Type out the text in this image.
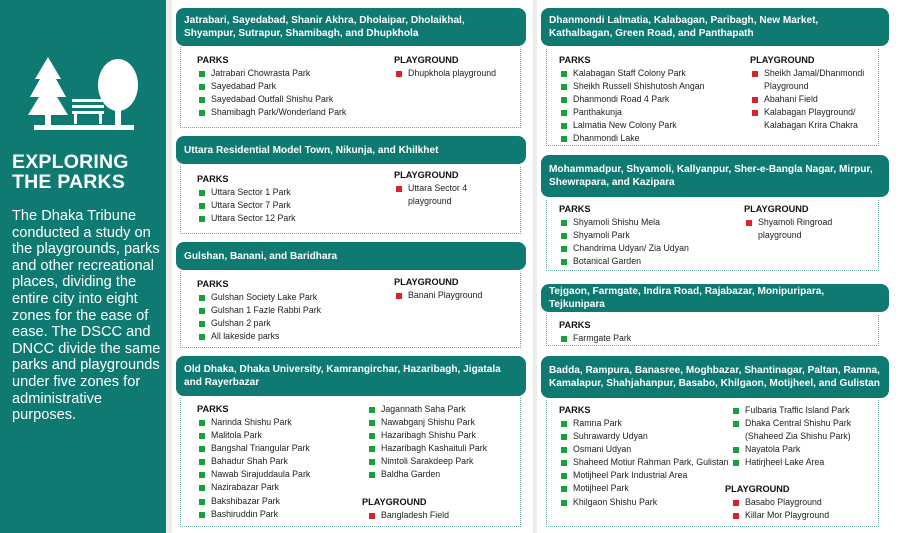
EXPLORING THE PARKS
The Dhaka Tribune conducted a study on the playgrounds, parks and other recreational places, dividing the entire city into eight zones for the ease of ease. The DSCC and DNCC divide the same parks and playgrounds under five zones for administrative purposes.
Jatrabari, Sayedabad, Shanir Akhra, Dholaipar, Dholaikhal, Shyampur, Sutrapur, Shamibagh, and Dhupkhola
PARKS
Jatrabari Chowrasta Park
Sayedabad Park
Sayedabad Outfall Shishu Park
Shamibagh Park/Wonderland Park
PLAYGROUND
Dhupkhola playground
Uttara Residential Model Town, Nikunja, and Khilkhet
PARKS
Uttara Sector 1 Park
Uttara Sector 7 Park
Uttara Sector 12 Park
PLAYGROUND
Uttara Sector 4 playground
Gulshan, Banani, and Baridhara
PARKS
Gulshan Society Lake Park
Gulshan 1 Fazle Rabbi Park
Gulshan 2 park
All lakeside parks
PLAYGROUND
Banani Playground
Old Dhaka, Dhaka University, Kamrangirchar, Hazaribagh, Jigatala and Rayerbazar
PARKS
Narinda Shishu Park
Malitola Park
Bangshal Triangular Park
Bahadur Shah Park
Nawab Sirajuddaula Park
Nazirabazar Park
Bakshibazar Park
Bashiruddin Park
Jagannath Saha Park
Nawabganj Shishu Park
Hazaribagh Shishu Park
Hazaribagh Kashaituli Park
Nimtoli Sarakdeep Park
Baldha Garden
PLAYGROUND
Bangladesh Field
Dhanmondi Lalmatia, Kalabagan, Paribagh, New Market, Kathalbagan, Green Road, and Panthapath
PARKS
Kalabagan Staff Colony Park
Sheikh Russell Shishutosh Angan
Dhanmondi Road 4 Park
Panthakunja
Lalmatia New Colony Park
Dhanmondi Lake
PLAYGROUND
Sheikh Jamal/Dhanmondi Playground
Abahani Field
Kalabagan Playground/ Kalabagan Krira Chakra
Mohammadpur, Shyamoli, Kallyanpur, Sher-e-Bangla Nagar, Mirpur, Shewrapara, and Kazipara
PARKS
Shyamoli Shishu Mela
Shyamoli Park
Chandrima Udyan/ Zia Udyan
Botanical Garden
PLAYGROUND
Shyamoli Ringroad playground
Tejgaon, Farmgate, Indira Road, Rajabazar, Monipuripara, Tejkunipara
PARKS
Farmgate Park
Badda, Rampura, Banasree, Moghbazar, Shantinagar, Paltan, Ramna, Kamalapur, Shahjahanpur, Basabo, Khilgaon, Motijheel, and Gulistan
PARKS
Ramna Park
Suhrawardy Udyan
Osmani Udyan
Shaheed Motiur Rahman Park, Gulistan
Motijheel Park Industrial Area
Motijheel Park
Khilgaon Shishu Park
Fulbaria Traffic Island Park
Dhaka Central Shishu Park (Shaheed Zia Shishu Park)
Nayatola Park
Hatirjheel Lake Area
PLAYGROUND
Basabo Playground
Killar Mor Playground
